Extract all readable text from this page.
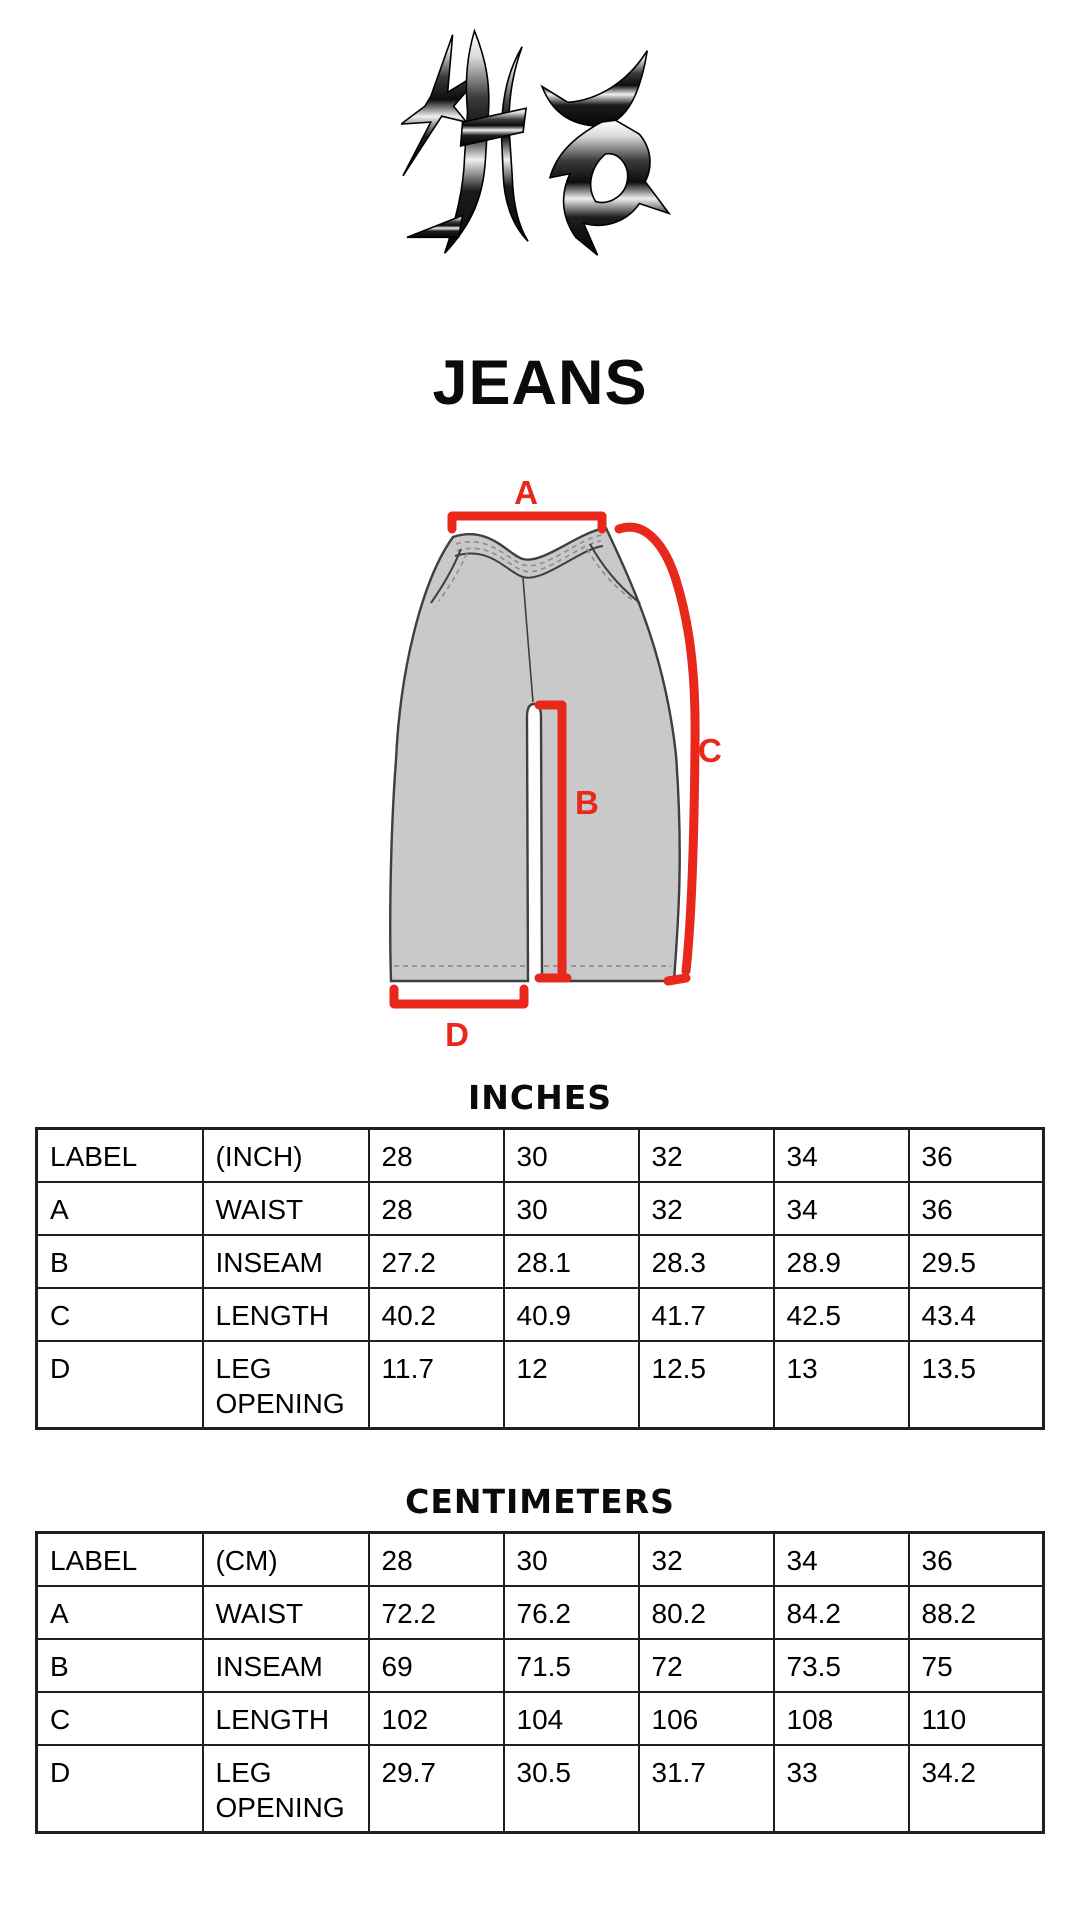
JEANS
A
B
C
D
INCHES
LABEL	(INCH)	28	30	32	34	36
A	WAIST	28	30	32	34	36
B	INSEAM	27.2	28.1	28.3	28.9	29.5
C	LENGTH	40.2	40.9	41.7	42.5	43.4
D	LEG OPENING	11.7	12	12.5	13	13.5
CENTIMETERS
LABEL	(CM)	28	30	32	34	36
A	WAIST	72.2	76.2	80.2	84.2	88.2
B	INSEAM	69	71.5	72	73.5	75
C	LENGTH	102	104	106	108	110
D	LEG OPENING	29.7	30.5	31.7	33	34.2
